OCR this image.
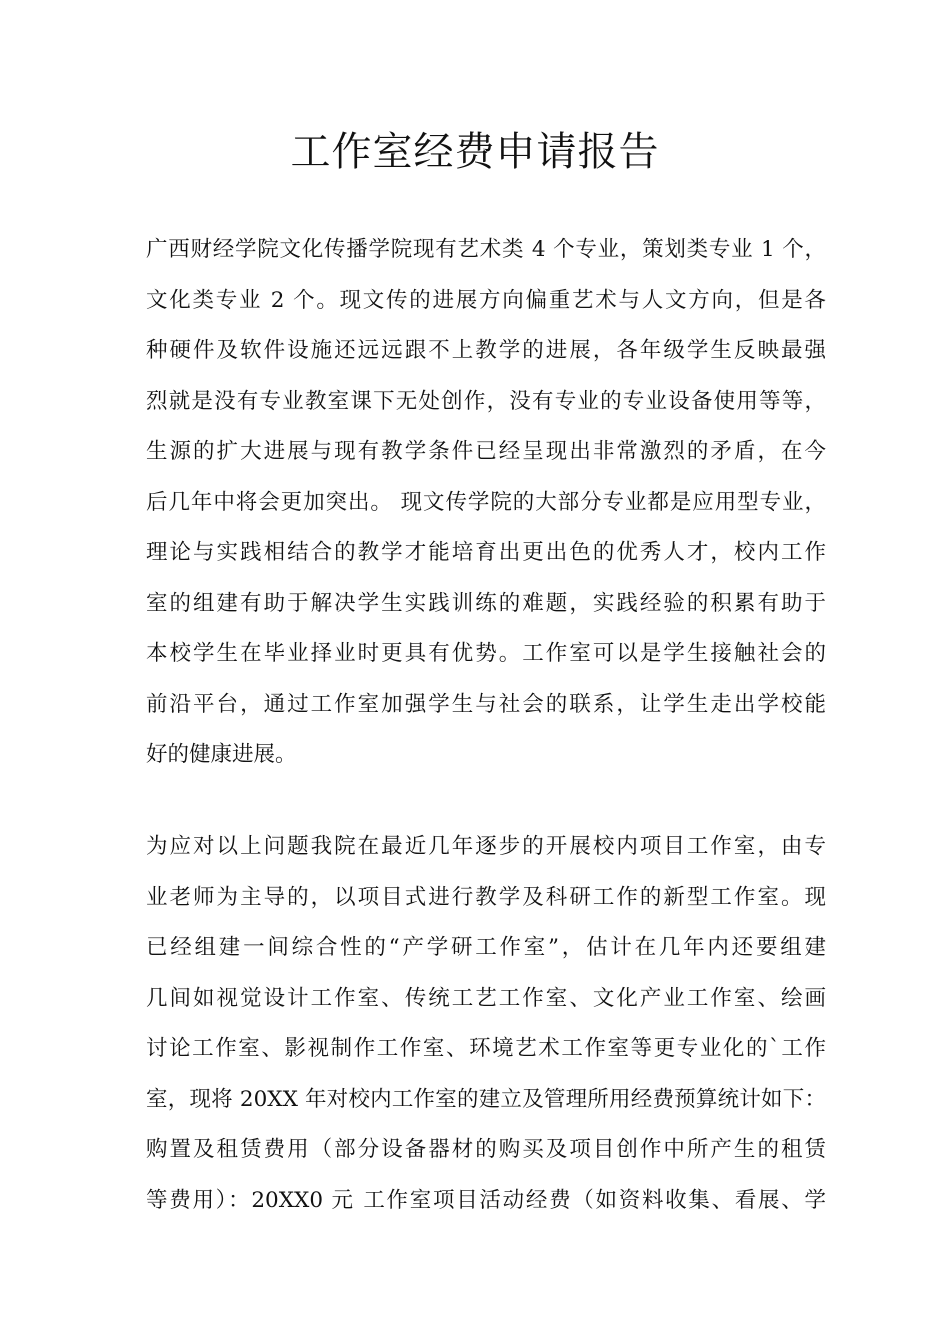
工作室经费申请报告
广西财经学院文化传播学院现有艺术类 4 个专业，策划类专业 1 个，
文化类专业 2 个。现文传的进展方向偏重艺术与人文方向，但是各
种硬件及软件设施还远远跟不上教学的进展，各年级学生反映最强
烈就是没有专业教室课下无处创作，没有专业的专业设备使用等等，
生源的扩大进展与现有教学条件已经呈现出非常激烈的矛盾，在今
后几年中将会更加突出。 现文传学院的大部分专业都是应用型专业，
理论与实践相结合的教学才能培育出更出色的优秀人才，校内工作
室的组建有助于解决学生实践训练的难题，实践经验的积累有助于
本校学生在毕业择业时更具有优势。工作室可以是学生接触社会的
前沿平台，通过工作室加强学生与社会的联系，让学生走出学校能
好的健康进展。
为应对以上问题我院在最近几年逐步的开展校内项目工作室，由专
业老师为主导的，以项目式进行教学及科研工作的新型工作室。现
已经组建一间综合性的“产学研工作室”，估计在几年内还要组建
几间如视觉设计工作室、传统工艺工作室、文化产业工作室、绘画
讨论工作室、影视制作工作室、环境艺术工作室等更专业化的`工作
室，现将 20XX 年对校内工作室的建立及管理所用经费预算统计如下：
购置及租赁费用（部分设备器材的购买及项目创作中所产生的租赁
等费用）：20XX0 元 工作室项目活动经费（如资料收集、看展、学
